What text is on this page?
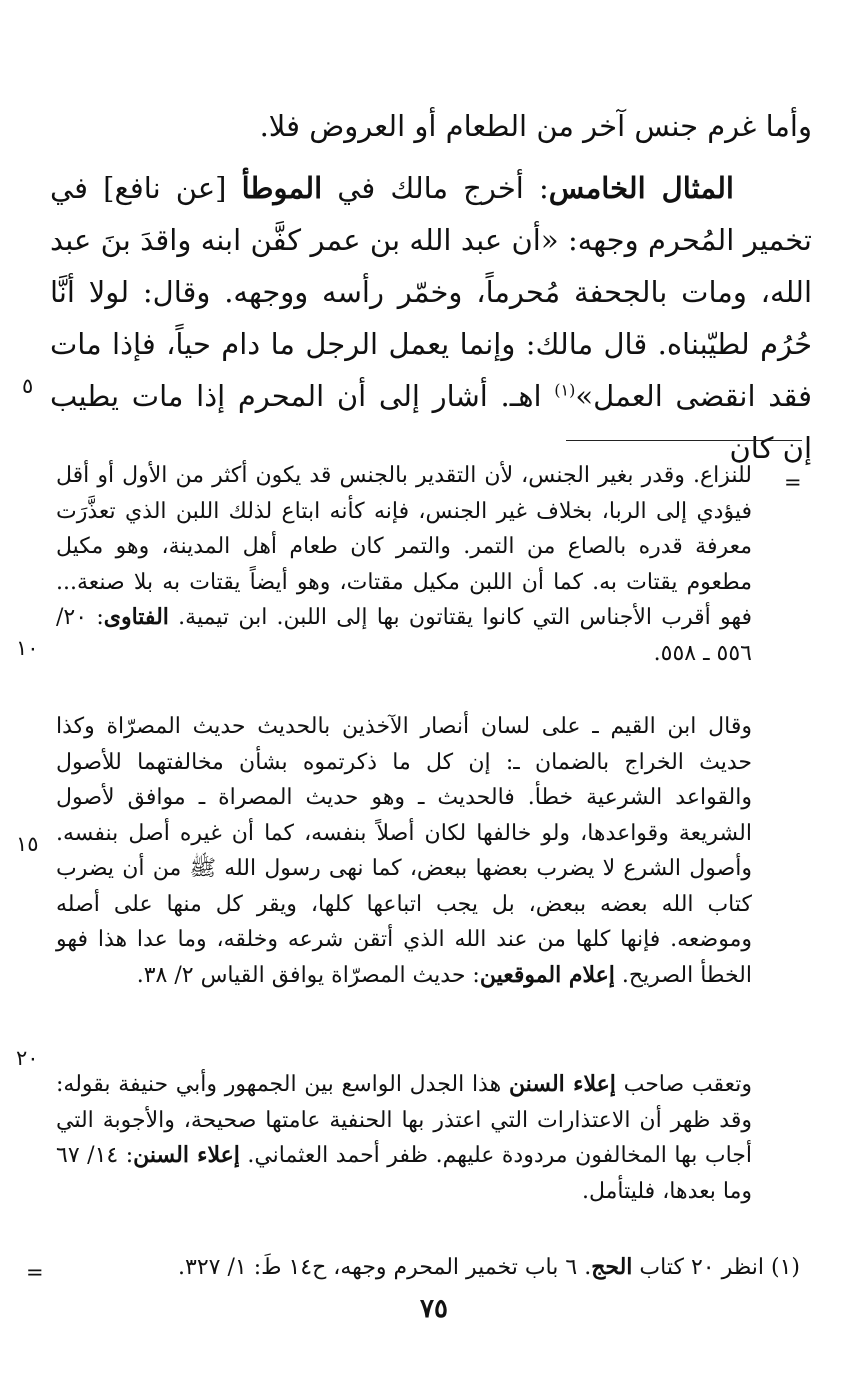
وأما غرم جنس آخر من الطعام أو العروض فلا.

المثال الخامس: أخرج مالك في الموطأ [عن نافع] في تخمير المُحرم وجهه: «أن عبد الله بن عمر كفَّن ابنه واقدَ بنَ عبد الله، ومات بالجحفة مُحرماً، وخمّر رأسه ووجهه. وقال: لولا أنَّا حُرُم لطيّبناه. قال مالك: وإنما يعمل الرجل ما دام حياً، فإذا مات فقد انقضى العمل»$^{(١)}$ اهـ. أشار إلى أن المحرم إذا مات يطيب إن كان

للنزاع. وقدر بغير الجنس، لأن التقدير بالجنس قد يكون أكثر من الأول أو أقل فيؤدي إلى الربا، بخلاف غير الجنس، فإنه كأنه ابتاع لذلك اللبن الذي تعذَّرَت معرفة قدره بالصاع من التمر. والتمر كان طعام أهل المدينة، وهو مكيل مطعوم يقتات به. كما أن اللبن مكيل مقتات، وهو أيضاً يقتات به بلا صنعة... فهو أقرب الأجناس التي كانوا يقتاتون بها إلى اللبن. ابن تيمية. الفتاوى: ٢٠/ ٥٥٦ ـ ٥٥٨.

وقال ابن القيم ـ على لسان أنصار الآخذين بالحديث حديث المصرّاة وكذا حديث الخراج بالضمان ـ: إن كل ما ذكرتموه بشأن مخالفتهما للأصول والقواعد الشرعية خطأ. فالحديث ـ وهو حديث المصراة ـ موافق لأصول الشريعة وقواعدها، ولو خالفها لكان أصلاً بنفسه، كما أن غيره أصل بنفسه. وأصول الشرع لا يضرب بعضها ببعض، كما نهى رسول الله ﷺ من أن يضرب كتاب الله بعضه ببعض، بل يجب اتباعها كلها، ويقر كل منها على أصله وموضعه. فإنها كلها من عند الله الذي أتقن شرعه وخلقه، وما عدا هذا فهو الخطأ الصريح. إعلام الموقعين: حديث المصرّاة يوافق القياس ٢/ ٣٨.

وتعقب صاحب إعلاء السنن هذا الجدل الواسع بين الجمهور وأبي حنيفة بقوله: وقد ظهر أن الاعتذارات التي اعتذر بها الحنفية عامتها صحيحة، والأجوبة التي أجاب بها المخالفون مردودة عليهم. ظفر أحمد العثماني. إعلاء السنن: ١٤/ ٦٧ وما بعدها، فليتأمل.

(١) انظر ٢٠ كتاب الحج. ٦ باب تخمير المحرم وجهه، ح١٤ طَ: ١/ ٣٢٧.
=
٥
١٠
١٥
٢٠
=
٧٥
